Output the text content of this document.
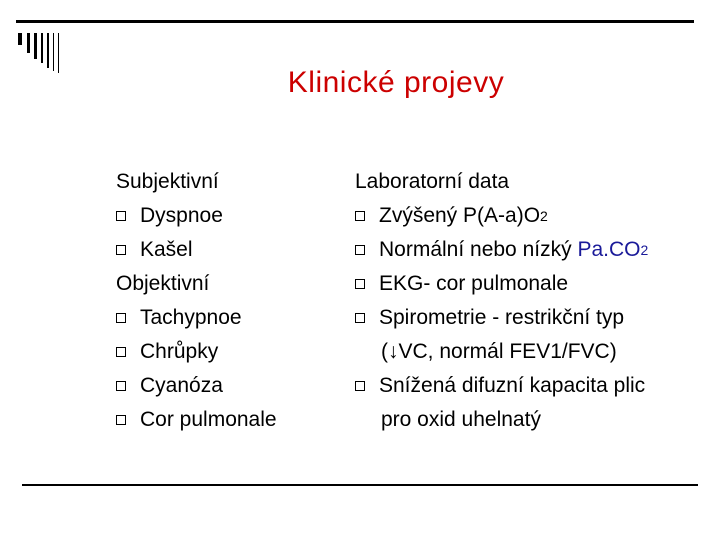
Klinické projevy
Subjektivní
Dyspnoe
Kašel
Objektivní
Tachypnoe
Chrůpky
Cyanóza
Cor pulmonale
Laboratorní data
Zvýšený P(A-a)O 2
Normální nebo nízký Pa.CO 2
EKG- cor pulmonale
Spirometrie - restrikční typ
(↓VC, normál FEV1/FVC)
Snížená difuzní kapacita plic
pro oxid uhelnatý
